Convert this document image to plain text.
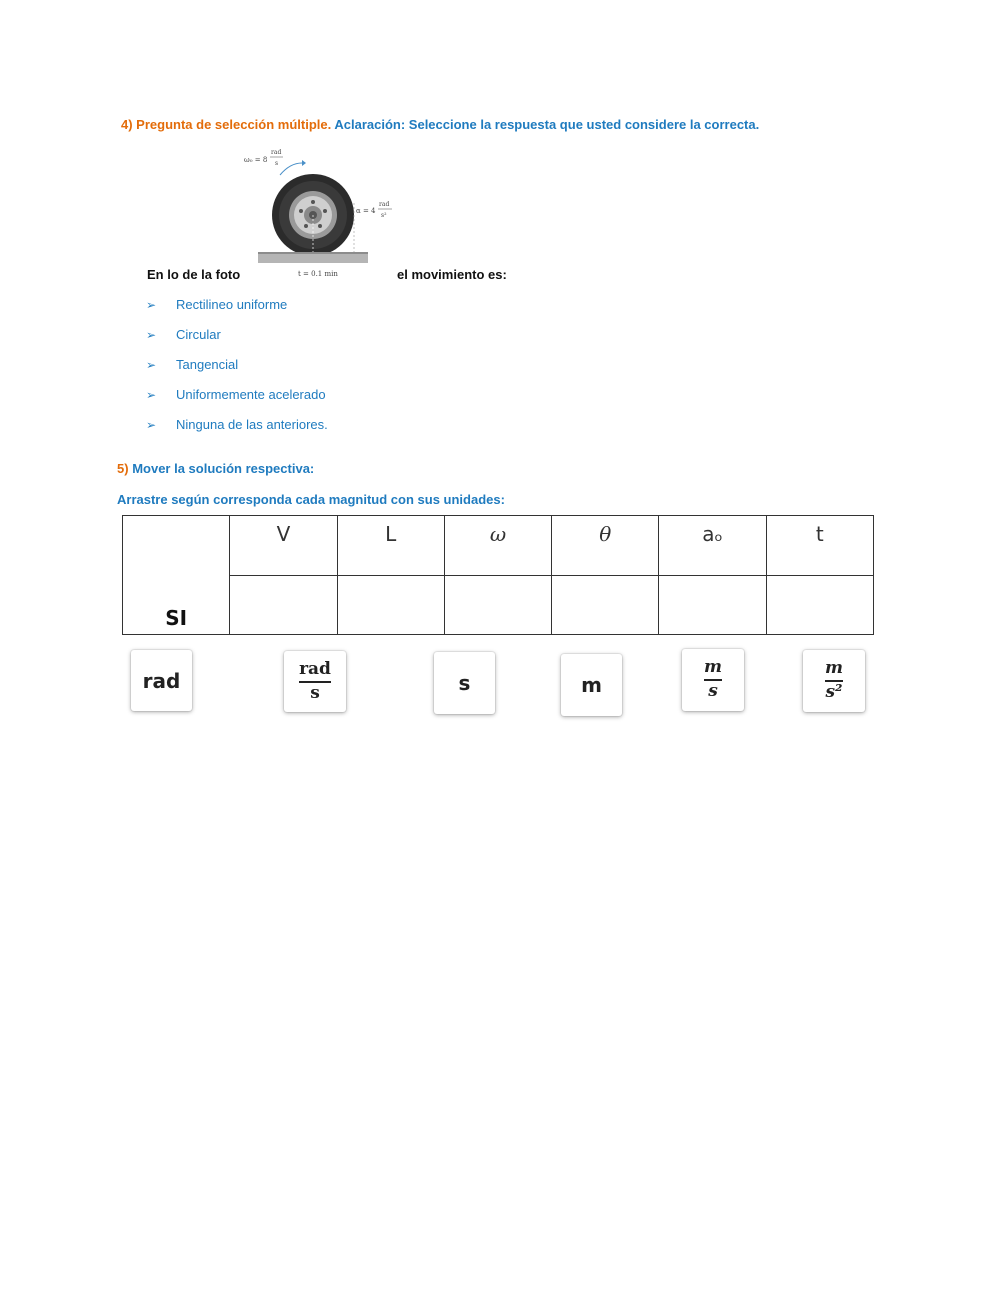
4) Pregunta de selección múltiple. Aclaración: Seleccione la respuesta que usted considere la correcta.
ω₀ = 8
rad
s
α = 4
rad
s²
t = 0.1 min
En lo de la foto	el movimiento es:
➢ Rectilineo uniforme
➢ Circular
➢ Tangencial
➢ Uniformemente acelerado
➢ Ninguna de las anteriores.
5) Mover la solución respectiva:
Arrastre según corresponda cada magnitud con sus unidades:
SI	V	L	ω	θ	aₒ	t

rad	$\frac{\text{rad}}{s}$	s	m	$\frac{m}{s}$	$\frac{m}{\text{s²}}$
